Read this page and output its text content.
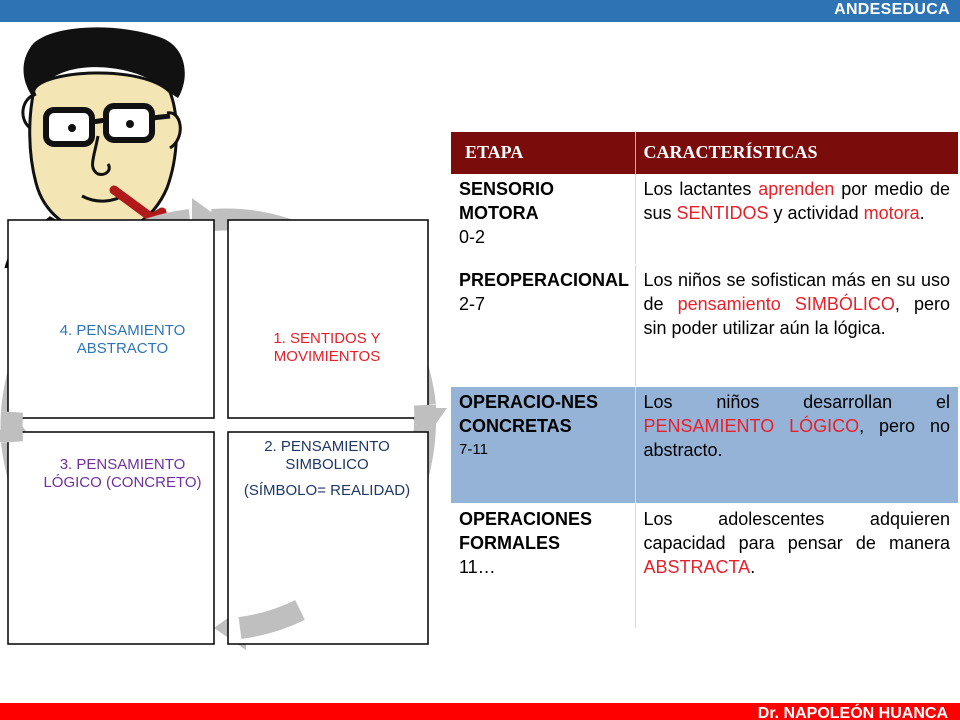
ANDESEDUCA
1. SENTIDOS Y MOVIMIENTOS
2. PENSAMIENTO SIMBOLICO
(SÍMBOLO= REALIDAD)
3. PENSAMIENTO LÓGICO (CONCRETO)
4. PENSAMIENTO ABSTRACTO
ETAPA	CARACTERÍSTICAS
SENSORIO MOTORA
0-2	Los lactantes aprenden por medio de sus SENTIDOS y actividad motora.
PREOPERACIONAL
2-7	Los niños se sofistican más en su uso de pensamiento SIMBÓLICO, pero sin poder utilizar aún la lógica.
OPERACIO-NES CONCRETAS
7-11	Los niños desarrollan el PENSAMIENTO LÓGICO, pero no abstracto.
OPERACIONES FORMALES
11…	Los adolescentes adquieren capacidad para pensar de manera ABSTRACTA.
Dr. NAPOLEÓN HUANCA
